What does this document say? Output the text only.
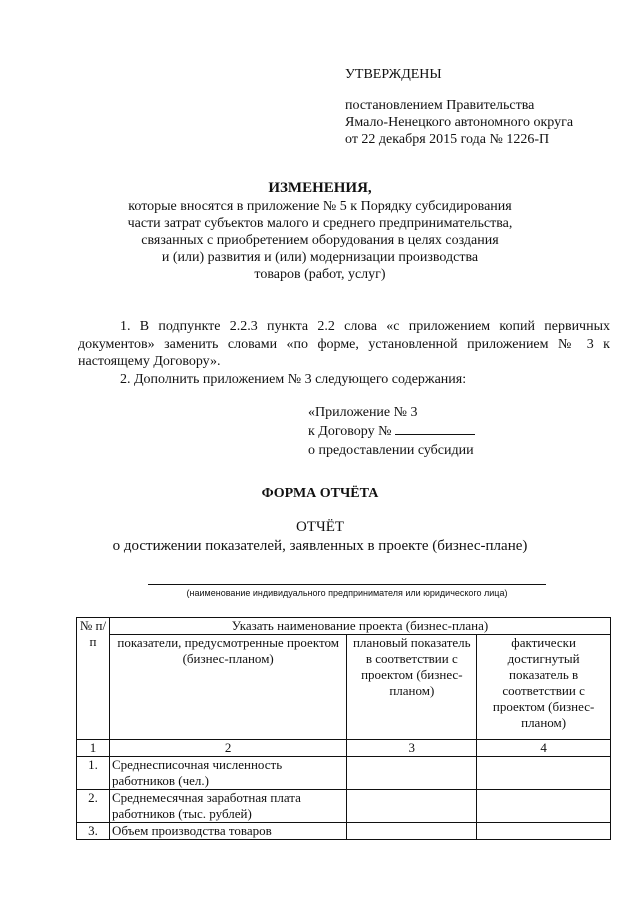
УТВЕРЖДЕНЫ
постановлением Правительства
Ямало-Ненецкого автономного округа
от 22 декабря 2015 года № 1226-П
ИЗМЕНЕНИЯ,
которые вносятся в приложение № 5 к Порядку субсидирования
части затрат субъектов малого и среднего предпринимательства,
связанных с приобретением оборудования в целях создания
и (или) развития и (или) модернизации производства
товаров (работ, услуг)
1. В подпункте 2.2.3 пункта 2.2 слова «с приложением копий первичных документов» заменить словами «по форме, установленной приложением № 3 к настоящему Договору».
2. Дополнить приложением № 3 следующего содержания:
«Приложение № 3
к Договору №
о предоставлении субсидии
ФОРМА ОТЧЁТА
ОТЧЁТ
о достижении показателей, заявленных в проекте (бизнес-плане)
(наименование индивидуального предпринимателя или юридического лица)
№ п/п	Указать наименование проекта (бизнес-плана)		
	показатели, предусмотренные проектом (бизнес-планом)	плановый показатель в соответствии с проектом (бизнес-планом)	фактически достигнутый показатель в соответствии с проектом (бизнес-планом)
1	2	3	4
1.	Среднесписочная численность работников (чел.)		
2.	Среднемесячная заработная плата работников (тыс. рублей)		
3.	Объем производства товаров		
